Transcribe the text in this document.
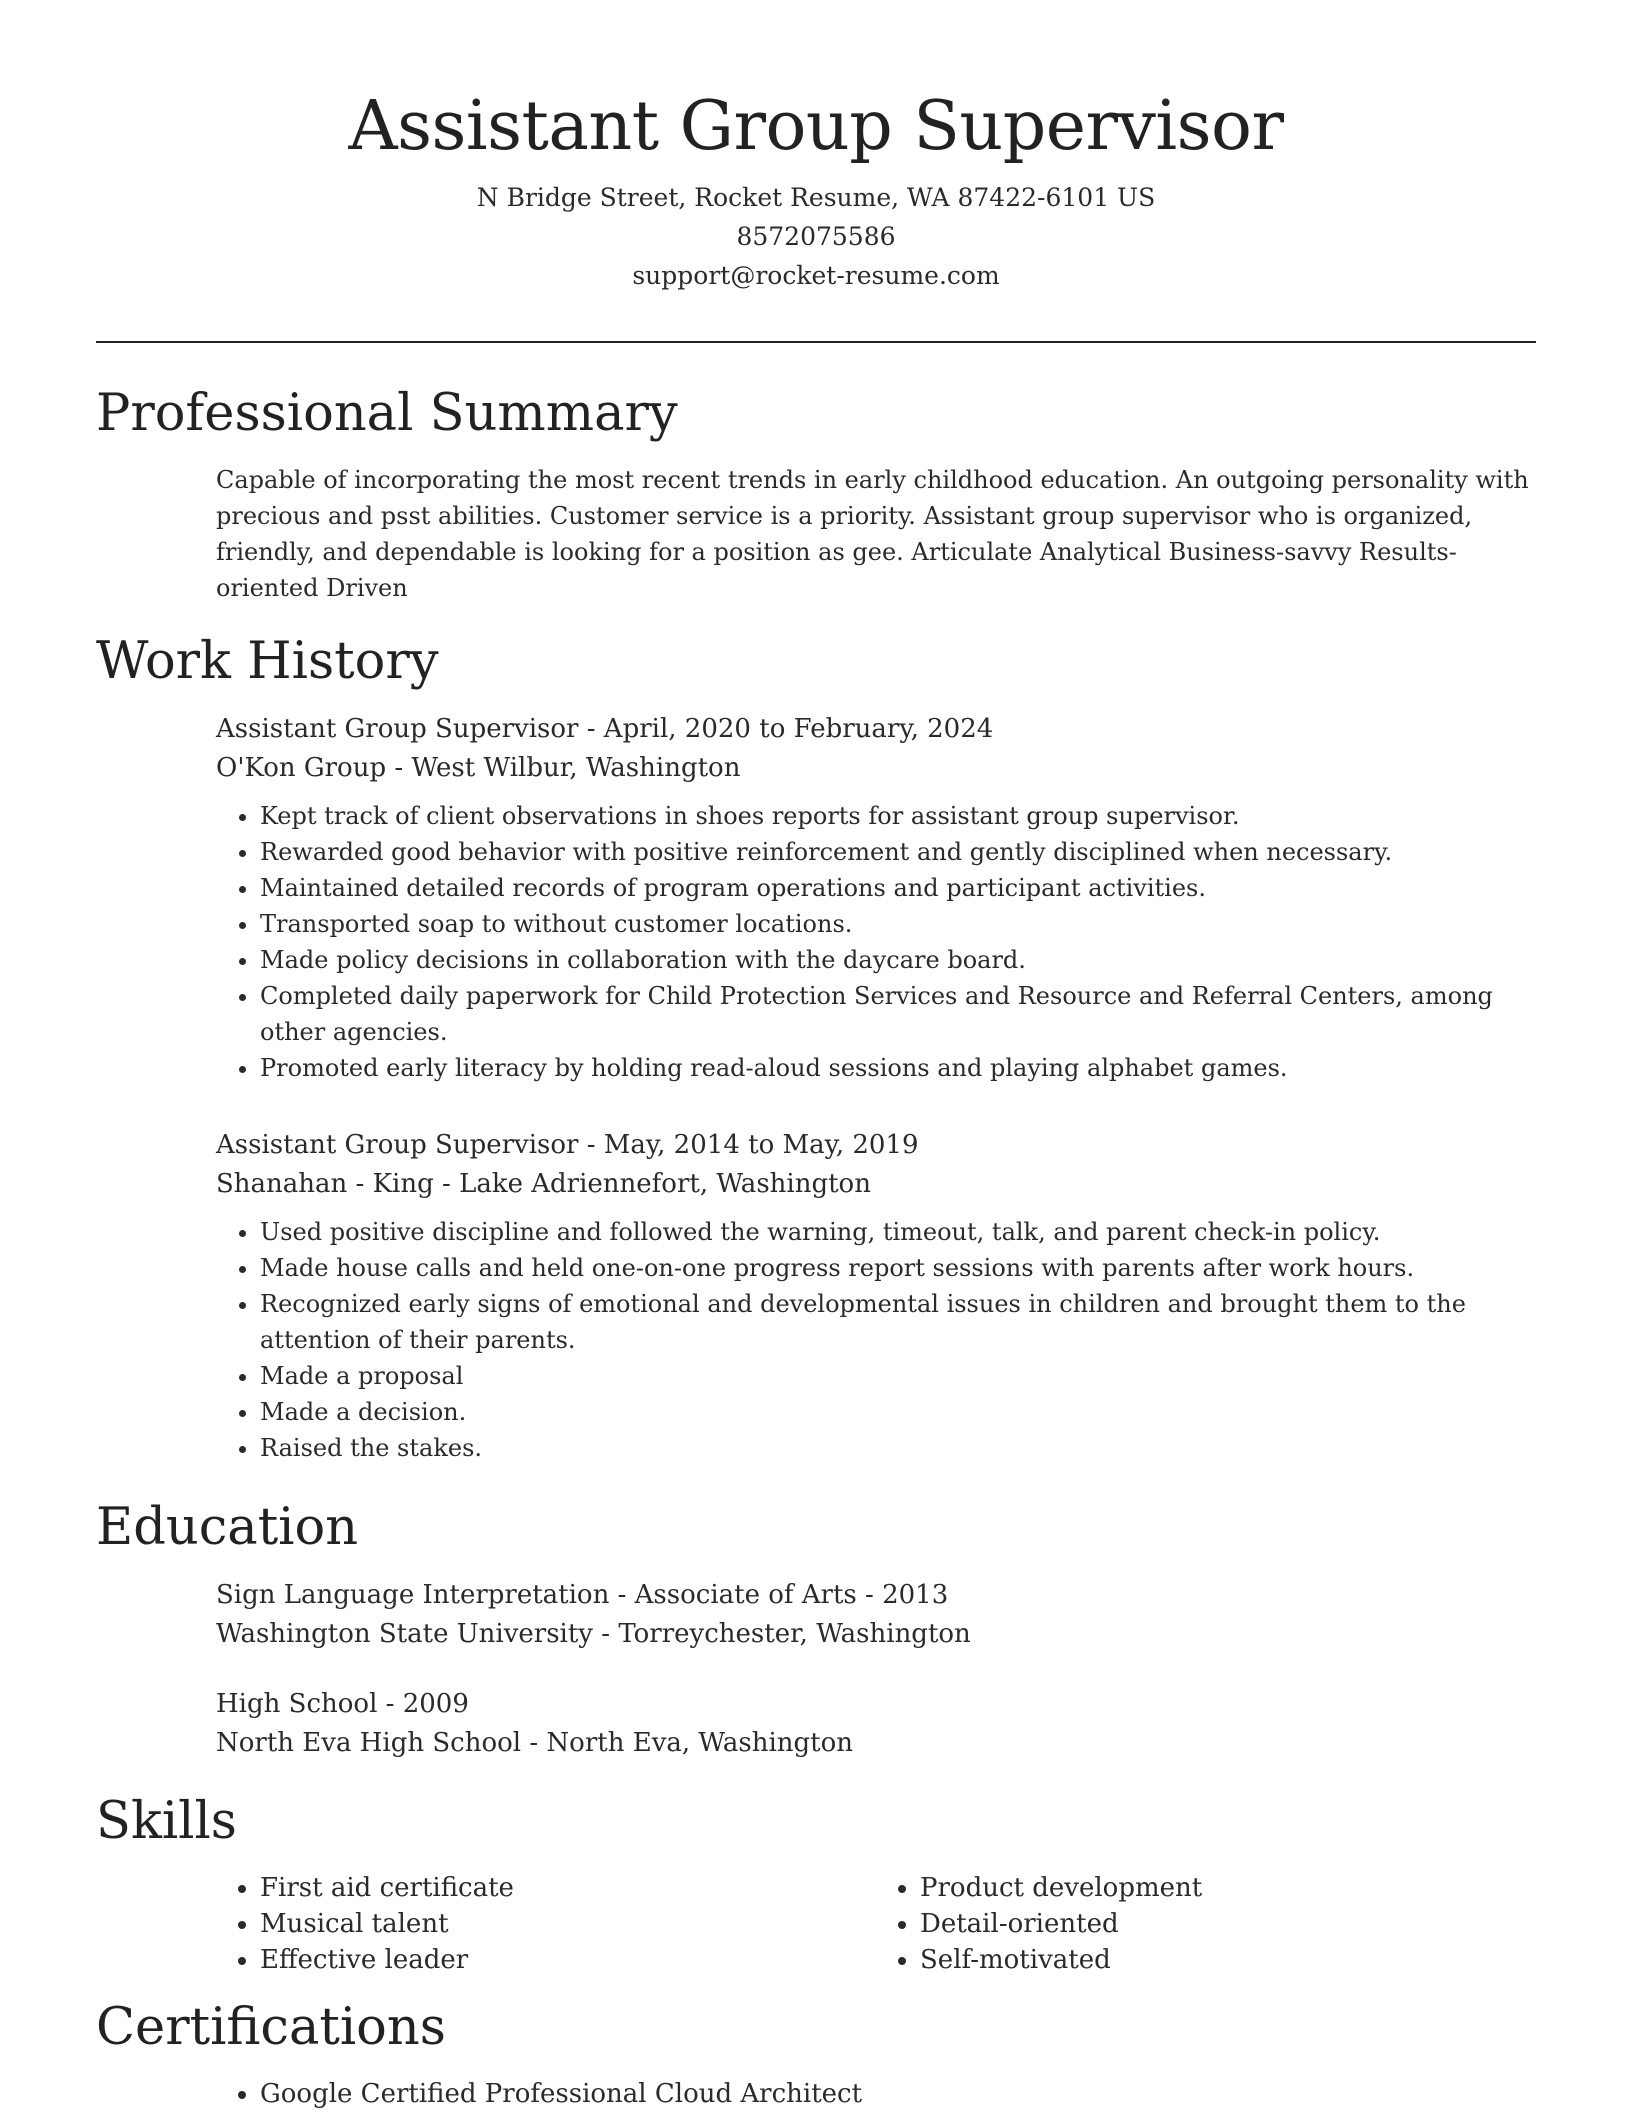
Assistant Group Supervisor
N Bridge Street, Rocket Resume, WA 87422-6101 US
8572075586
support@rocket-resume.com
Professional Summary
Capable of incorporating the most recent trends in early childhood education. An outgoing personality with precious and psst abilities. Customer service is a priority. Assistant group supervisor who is organized, friendly, and dependable is looking for a position as gee. Articulate Analytical Business-savvy Results-oriented Driven
Work History
Assistant Group Supervisor - April, 2020 to February, 2024
O'Kon Group - West Wilbur, Washington
• Kept track of client observations in shoes reports for assistant group supervisor.
• Rewarded good behavior with positive reinforcement and gently disciplined when necessary.
• Maintained detailed records of program operations and participant activities.
• Transported soap to without customer locations.
• Made policy decisions in collaboration with the daycare board.
• Completed daily paperwork for Child Protection Services and Resource and Referral Centers, among other agencies.
• Promoted early literacy by holding read-aloud sessions and playing alphabet games.
Assistant Group Supervisor - May, 2014 to May, 2019
Shanahan - King - Lake Adriennefort, Washington
• Used positive discipline and followed the warning, timeout, talk, and parent check-in policy.
• Made house calls and held one-on-one progress report sessions with parents after work hours.
• Recognized early signs of emotional and developmental issues in children and brought them to the attention of their parents.
• Made a proposal
• Made a decision.
• Raised the stakes.
Education
Sign Language Interpretation - Associate of Arts - 2013
Washington State University - Torreychester, Washington
High School - 2009
North Eva High School - North Eva, Washington
Skills
• First aid certificate
• Musical talent
• Effective leader
• Product development
• Detail-oriented
• Self-motivated
Certifications
• Google Certified Professional Cloud Architect
